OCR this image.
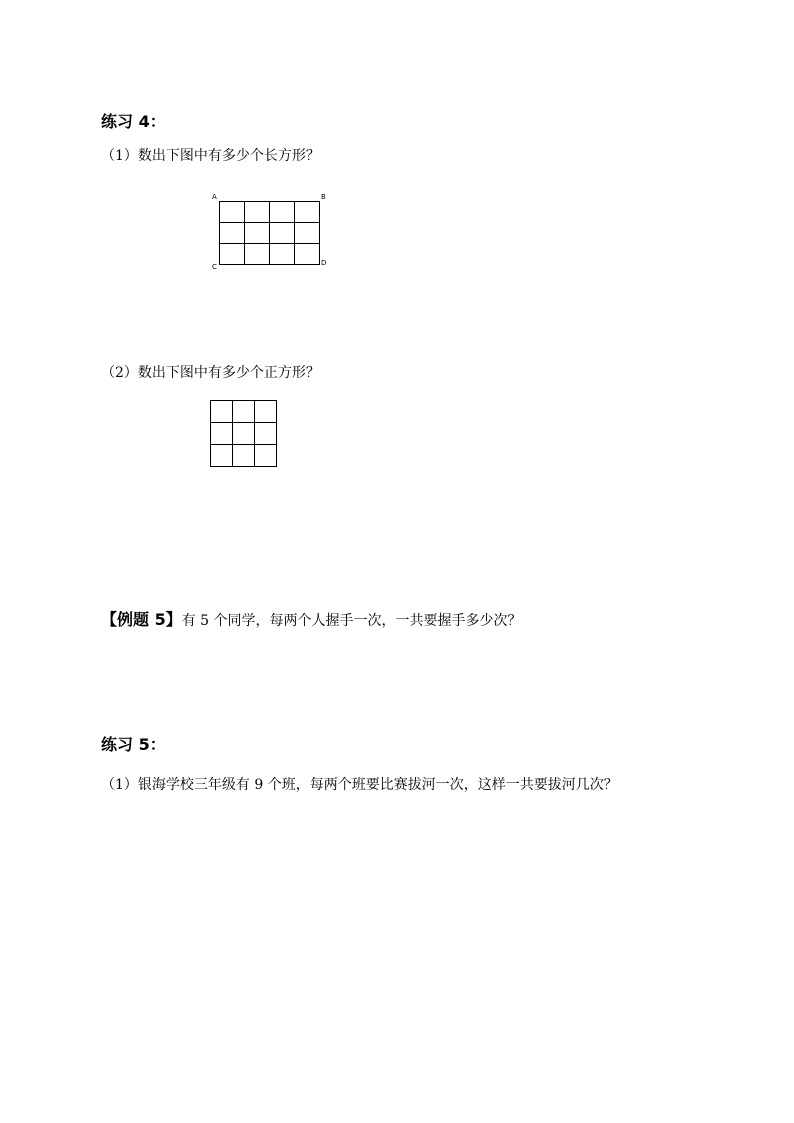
练习 4：
（1）数出下图中有多少个长方形？
A	B
C	D

（2）数出下图中有多少个正方形？

【例题 5】有 5 个同学，每两个人握手一次，一共要握手多少次？
练习 5：
（1）银海学校三年级有 9 个班，每两个班要比赛拔河一次，这样一共要拔河几次？
